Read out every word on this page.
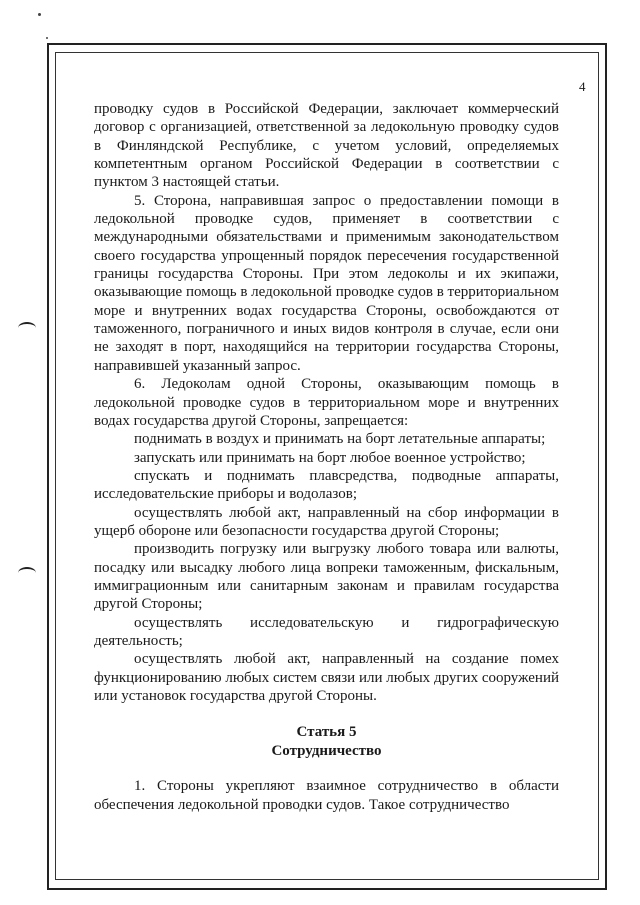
4

проводку судов в Российской Федерации, заключает коммерческий договор с организацией, ответственной за ледокольную проводку судов в Финляндской Республике, с учетом условий, определяемых компетентным органом Российской Федерации в соответствии с пунктом 3 настоящей статьи.

5. Сторона, направившая запрос о предоставлении помощи в ледокольной проводке судов, применяет в соответствии с международными обязательствами и применимым законодательством своего государства упрощенный порядок пересечения государственной границы государства Стороны. При этом ледоколы и их экипажи, оказывающие помощь в ледокольной проводке судов в территориальном море и внутренних водах государства Стороны, освобождаются от таможенного, пограничного и иных видов контроля в случае, если они не заходят в порт, находящийся на территории государства Стороны, направившей указанный запрос.

6. Ледоколам одной Стороны, оказывающим помощь в ледокольной проводке судов в территориальном море и внутренних водах государства другой Стороны, запрещается:

поднимать в воздух и принимать на борт летательные аппараты;

запускать или принимать на борт любое военное устройство;

спускать и поднимать плавсредства, подводные аппараты, исследовательские приборы и водолазов;

осуществлять любой акт, направленный на сбор информации в ущерб обороне или безопасности государства другой Стороны;

производить погрузку или выгрузку любого товара или валюты, посадку или высадку любого лица вопреки таможенным, фискальным, иммиграционным или санитарным законам и правилам государства другой Стороны;

осуществлять исследовательскую и гидрографическую деятельность;

осуществлять любой акт, направленный на создание помех функционированию любых систем связи или любых других сооружений или установок государства другой Стороны.

Статья 5
Сотрудничество

1. Стороны укрепляют взаимное сотрудничество в области обеспечения ледокольной проводки судов. Такое сотрудничество
